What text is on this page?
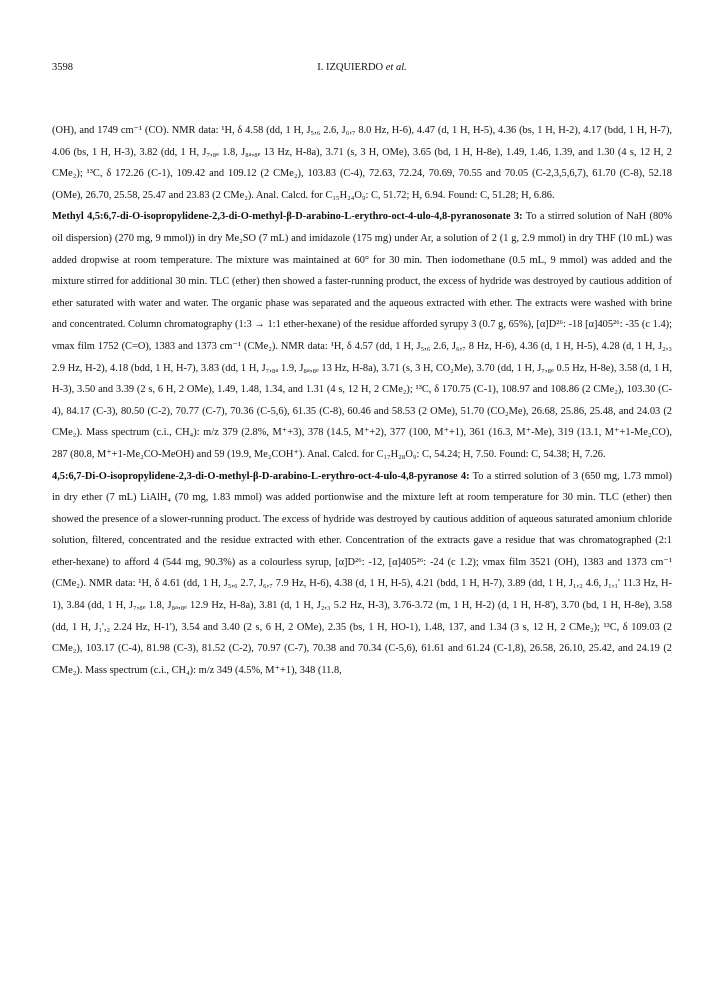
3598	I. IZQUIERDO et al.

(OH), and 1749 cm⁻¹ (CO). NMR data: ¹H, δ 4.58 (dd, 1 H, J₅,₆ 2.6, J₆,₇ 8.0 Hz, H-6), 4.47 (d, 1 H, H-5), 4.36 (bs, 1 H, H-2), 4.17 (bdd, 1 H, H-7), 4.06 (bs, 1 H, H-3), 3.82 (dd, 1 H, J₇,₈ₑ 1.8, J₈ₐ,₈ₑ 13 Hz, H-8a), 3.71 (s, 3 H, OMe), 3.65 (bd, 1 H, H-8e), 1.49, 1.46, 1.39, and 1.30 (4 s, 12 H, 2 CMe₂); ¹³C, δ 172.26 (C-1), 109.42 and 109.12 (2 CMe₂), 103.83 (C-4), 72.63, 72.24, 70.69, 70.55 and 70.05 (C-2,3,5,6,7), 61.70 (C-8), 52.18 (OMe), 26.70, 25.58, 25.47 and 23.83 (2 CMe₂). Anal. Calcd. for C₁₅H₂₄O₉: C, 51.72; H, 6.94. Found: C, 51.28; H, 6.86.

Methyl 4,5:6,7-di-O-isopropylidene-2,3-di-O-methyl-β-D-arabino-L-erythro-oct-4-ulo-4,8-pyranosonate 3: To a stirred solution of NaH (80% oil dispersion) (270 mg, 9 mmol)) in dry Me₂SO (7 mL) and imidazole (175 mg) under Ar, a solution of 2 (1 g, 2.9 mmol) in dry THF (10 mL) was added dropwise at room temperature. The mixture was maintained at 60° for 30 min. Then iodomethane (0.5 mL, 9 mmol) was added and the mixture stirred for additional 30 min. TLC (ether) then showed a faster-running product, the excess of hydride was destroyed by cautious addition of ether saturated with water and water. The organic phase was separated and the aqueous extracted with ether. The extracts were washed with brine and concentrated. Column chromatography (1:3 → 1:1 ether-hexane) of the residue afforded syrupy 3 (0.7 g, 65%), [α]D²⁶: -18 [α]405²⁶: -35 (c 1.4); νmax film 1752 (C=O), 1383 and 1373 cm⁻¹ (CMe₂). NMR data: ¹H, δ 4.57 (dd, 1 H, J₅,₆ 2.6, J₆,₇ 8 Hz, H-6), 4.36 (d, 1 H, H-5), 4.28 (d, 1 H, J₂,₃ 2.9 Hz, H-2), 4.18 (bdd, 1 H, H-7), 3.83 (dd, 1 H, J₇,₈ₐ 1.9, J₈ₐ,₈ₑ 13 Hz, H-8a), 3.71 (s, 3 H, CO₂Me), 3.70 (dd, 1 H, J₇,₈ₑ 0.5 Hz, H-8e), 3.58 (d, 1 H, H-3), 3.50 and 3.39 (2 s, 6 H, 2 OMe), 1.49, 1.48, 1.34, and 1.31 (4 s, 12 H, 2 CMe₂); ¹³C, δ 170.75 (C-1), 108.97 and 108.86 (2 CMe₂), 103.30 (C-4), 84.17 (C-3), 80.50 (C-2), 70.77 (C-7), 70.36 (C-5,6), 61.35 (C-8), 60.46 and 58.53 (2 OMe), 51.70 (CO₂Me), 26.68, 25.86, 25.48, and 24.03 (2 CMe₂). Mass spectrum (c.i., CH₄): m/z 379 (2.8%, M⁺+3), 378 (14.5, M⁺+2), 377 (100, M⁺+1), 361 (16.3, M⁺-Me), 319 (13.1, M⁺+1-Me₂CO), 287 (80.8, M⁺+1-Me₂CO-MeOH) and 59 (19.9, Me₂COH⁺). Anal. Calcd. for C₁₇H₂₈O₉: C, 54.24; H, 7.50. Found: C, 54.38; H, 7.26.

4,5:6,7-Di-O-isopropylidene-2,3-di-O-methyl-β-D-arabino-L-erythro-oct-4-ulo-4,8-pyranose 4: To a stirred solution of 3 (650 mg, 1.73 mmol) in dry ether (7 mL) LiAlH₄ (70 mg, 1.83 mmol) was added portionwise and the mixture left at room temperature for 30 min. TLC (ether) then showed the presence of a slower-running product. The excess of hydride was destroyed by cautious addition of aqueous saturated amonium chloride solution, filtered, concentrated and the residue extracted with ether. Concentration of the extracts gave a residue that was chromatographed (2:1 ether-hexane) to afford 4 (544 mg, 90.3%) as a colourless syrup, [α]D²⁶: -12, [α]405²⁶: -24 (c 1.2); νmax film 3521 (OH), 1383 and 1373 cm⁻¹ (CMe₂). NMR data: ¹H, δ 4.61 (dd, 1 H, J₅,₆ 2.7, J₆,₇ 7.9 Hz, H-6), 4.38 (d, 1 H, H-5), 4.21 (bdd, 1 H, H-7), 3.89 (dd, 1 H, J₁,₂ 4.6, J₁,₁' 11.3 Hz, H-1), 3.84 (dd, 1 H, J₇,₈ₑ 1.8, J₈ₐ,₈ₑ 12.9 Hz, H-8a), 3.81 (d, 1 H, J₂,₃ 5.2 Hz, H-3), 3.76-3.72 (m, 1 H, H-2) (d, 1 H, H-8'), 3.70 (bd, 1 H, H-8e), 3.58 (dd, 1 H, J₁',₂ 2.24 Hz, H-1'), 3.54 and 3.40 (2 s, 6 H, 2 OMe), 2.35 (bs, 1 H, HO-1), 1.48, 137, and 1.34 (3 s, 12 H, 2 CMe₂); ¹³C, δ 109.03 (2 CMe₂), 103.17 (C-4), 81.98 (C-3), 81.52 (C-2), 70.97 (C-7), 70.38 and 70.34 (C-5,6), 61.61 and 61.24 (C-1,8), 26.58, 26.10, 25.42, and 24.19 (2 CMe₂). Mass spectrum (c.i., CH₄): m/z 349 (4.5%, M⁺+1), 348 (11.8,
